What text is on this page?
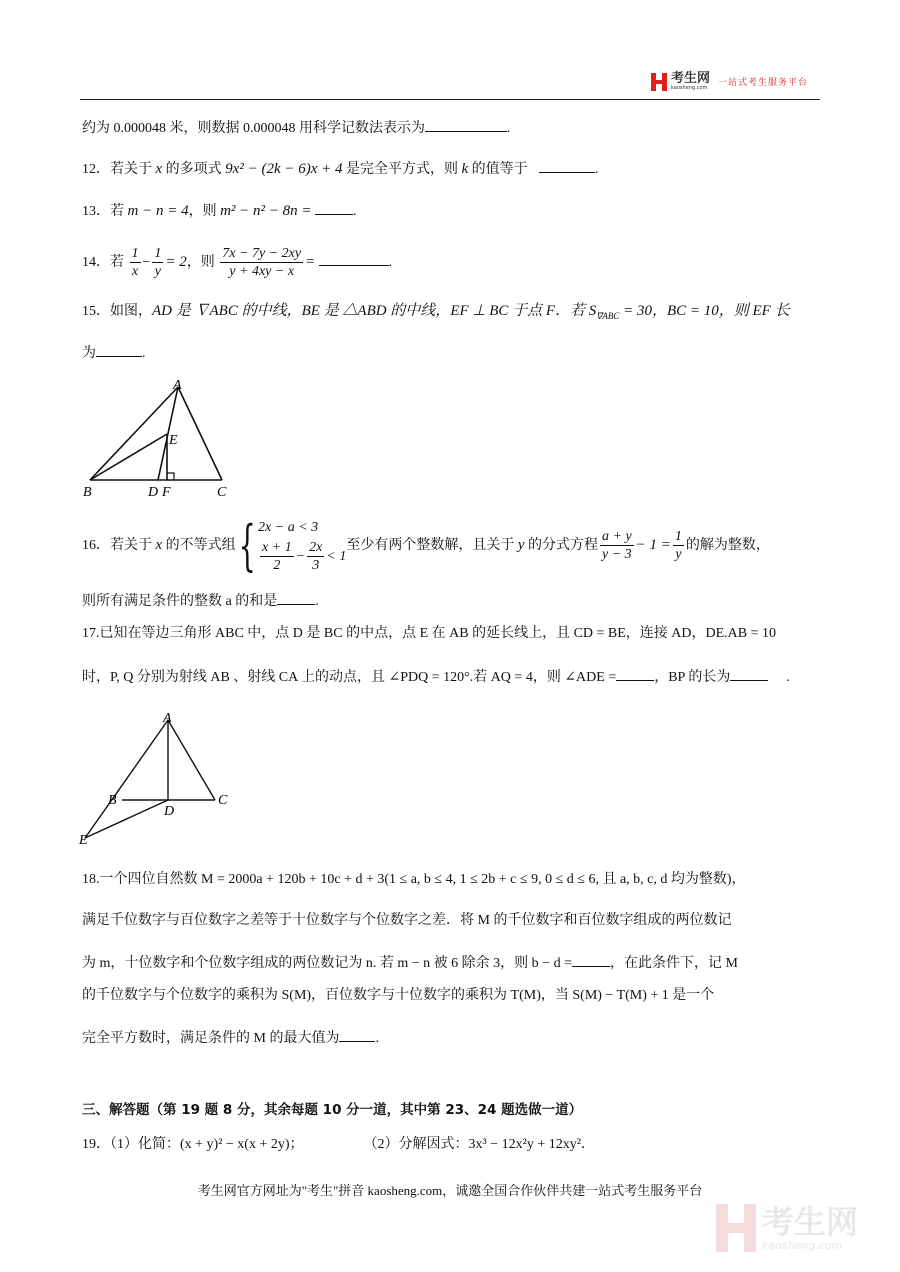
考生网
kaosheng.com 一站式考生服务平台
约为 0.000048 米，则数据 0.000048 用科学记数法表示为	.
12．若关于 x 的多项式 9x² − (2k − 6)x + 4 是完全平方式，则 k 的值等于	.
13．若 m − n = 4，则 m² − n² − 8n =	.
14．若 $\frac{1}{x} - \frac{1}{y} = 2$，则 $\frac{7x - 7y - 2xy}{y + 4xy - x}$ =	.
15．如图，AD 是 ∇ABC 的中线，BE 是 △ABD 的中线，EF ⊥ BC 于点 F．若 $S_{\nabla ABC} = 30$，BC = 10，则 EF 长
为	.
A
B	C
D F
E
16．若关于 x 的不等式组{ 2x − a < 3
$\frac{x + 1}{2} - \frac{2x}{3} < 1$
至少有两个整数解，且关于 y 的分式方程 $\frac{a + y}{y - 3} - 1 = \frac{1}{y}$ 的解为整数，
则所有满足条件的整数 a 的和是	.
17.已知在等边三角形 ABC 中，点 D 是 BC 的中点，点 E 在 AB 的延长线上，且 CD = BE，连接 AD，DE.AB = 10
时，P, Q 分别为射线 AB 、射线 CA 上的动点，且 ∠PDQ = 120°.若 AQ = 4，则 ∠ADE =	，BP 的长为	.
A
B	C
D
E
18.一个四位自然数 M = 2000a + 120b + 10c + d + 3(1 ≤ a, b ≤ 4, 1 ≤ 2b + c ≤ 9, 0 ≤ d ≤ 6, 且 a, b, c, d 均为整数)，
满足千位数字与百位数字之差等于十位数字与个位数字之差．将 M 的千位数字和百位数字组成的两位数记
为 m，十位数字和个位数字组成的两位数记为 n. 若 m − n 被 6 除余 3，则 b − d =	，在此条件下，记 M
的千位数字与个位数字的乘积为 S(M)，百位数字与十位数字的乘积为 T(M)，当 S(M) − T(M) + 1 是一个
完全平方数时，满足条件的 M 的最大值为	.
三、解答题（第 19 题 8 分，其余每题 10 分一道，其中第 23、24 题选做一道）
19．（1）化简：(x + y)² − x(x + 2y)；	（2）分解因式：3x³ − 12x²y + 12xy²．
考生网官方网址为"考生"拼音 kaosheng.com，诚邀全国合作伙伴共建一站式考生服务平台
考生网
kaosheng.com
